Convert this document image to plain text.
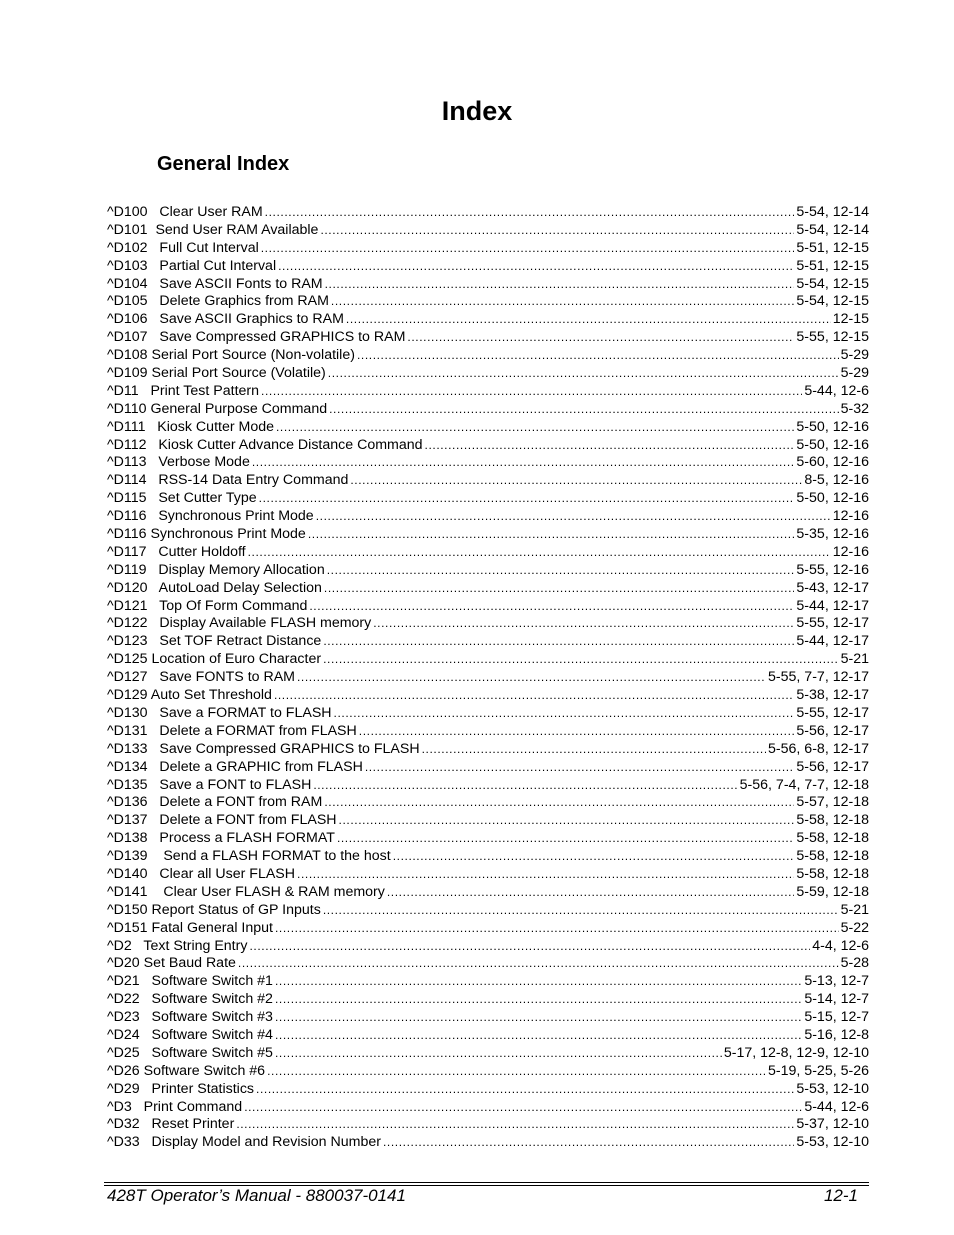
Index
General Index
^D100   Clear User RAM .....	5-54, 12-14
^D101  Send User RAM Available .....	5-54, 12-14
^D102   Full Cut Interval .....	5-51, 12-15
^D103   Partial Cut Interval .....	5-51, 12-15
^D104   Save ASCII Fonts to RAM .....	5-54, 12-15
^D105   Delete Graphics from RAM .....	5-54, 12-15
^D106   Save ASCII Graphics to RAM .....	12-15
^D107   Save Compressed GRAPHICS to RAM .....	5-55, 12-15
^D108 Serial Port Source (Non-volatile) .....	5-29
^D109 Serial Port Source (Volatile) .....	5-29
^D11   Print Test Pattern .....	5-44, 12-6
^D110 General Purpose Command .....	5-32
^D111   Kiosk Cutter Mode .....	5-50, 12-16
^D112   Kiosk Cutter Advance Distance Command .....	5-50, 12-16
^D113   Verbose Mode .....	5-60, 12-16
^D114   RSS-14 Data Entry Command .....	8-5, 12-16
^D115   Set Cutter Type .....	5-50, 12-16
^D116   Synchronous Print Mode .....	12-16
^D116 Synchronous Print Mode .....	5-35, 12-16
^D117   Cutter Holdoff .....	12-16
^D119   Display Memory Allocation .....	5-55, 12-16
^D120   AutoLoad Delay Selection .....	5-43, 12-17
^D121   Top Of Form Command .....	5-44, 12-17
^D122   Display Available FLASH memory .....	5-55, 12-17
^D123   Set TOF Retract Distance .....	5-44, 12-17
^D125 Location of Euro Character .....	5-21
^D127   Save FONTS to RAM .....	5-55, 7-7, 12-17
^D129 Auto Set Threshold .....	5-38, 12-17
^D130   Save a FORMAT to FLASH .....	5-55, 12-17
^D131   Delete a FORMAT from FLASH .....	5-56, 12-17
^D133   Save Compressed GRAPHICS to FLASH .....	5-56, 6-8, 12-17
^D134   Delete a GRAPHIC from FLASH .....	5-56, 12-17
^D135   Save a FONT to FLASH .....	5-56, 7-4, 7-7, 12-18
^D136   Delete a FONT from RAM .....	5-57, 12-18
^D137   Delete a FONT from FLASH .....	5-58, 12-18
^D138   Process a FLASH FORMAT .....	5-58, 12-18
^D139    Send a FLASH FORMAT to the host .....	5-58, 12-18
^D140   Clear all User FLASH .....	5-58, 12-18
^D141    Clear User FLASH & RAM memory .....	5-59, 12-18
^D150 Report Status of GP Inputs .....	5-21
^D151 Fatal General Input .....	5-22
^D2   Text String Entry .....	4-4, 12-6
^D20 Set Baud Rate .....	5-28
^D21   Software Switch #1 .....	5-13, 12-7
^D22   Software Switch #2 .....	5-14, 12-7
^D23   Software Switch #3 .....	5-15, 12-7
^D24   Software Switch #4 .....	5-16, 12-8
^D25   Software Switch #5 .....	5-17, 12-8, 12-9, 12-10
^D26 Software Switch #6 .....	5-19, 5-25, 5-26
^D29   Printer Statistics .....	5-53, 12-10
^D3   Print Command .....	5-44, 12-6
^D32   Reset Printer .....	5-37, 12-10
^D33   Display Model and Revision Number .....	5-53, 12-10
428T Operator’s Manual - 880037-0141	12-1
